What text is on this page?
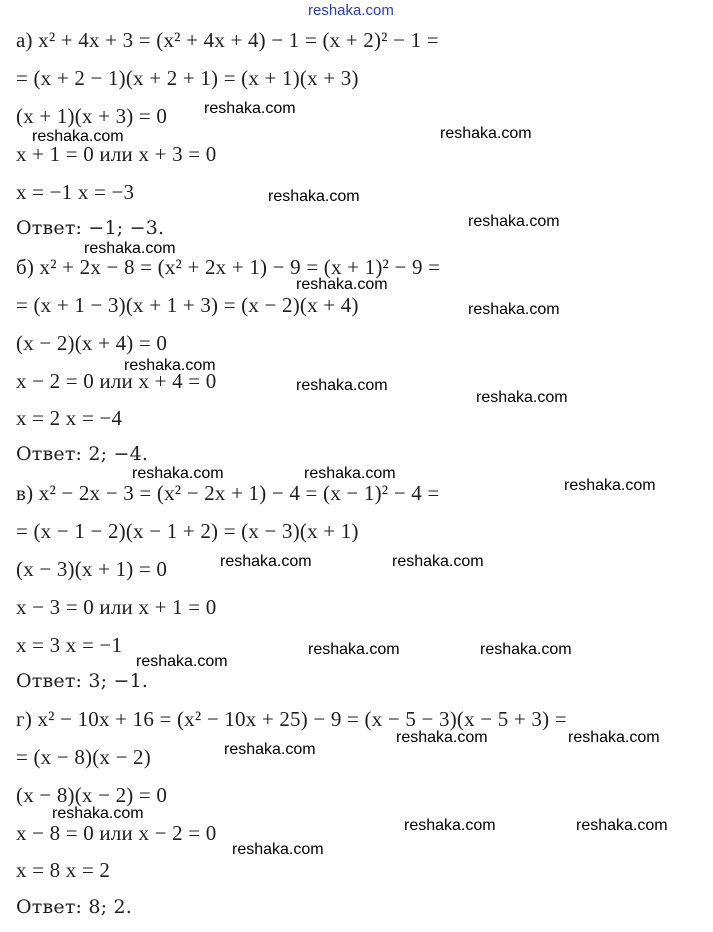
а) x² + 4x + 3 = (x² + 4x + 4) − 1 = (x + 2)² − 1 =
= (x + 2 − 1)(x + 2 + 1) = (x + 1)(x + 3)
(x + 1)(x + 3) = 0
x + 1 = 0 или x + 3 = 0
x = −1 x = −3
Ответ: −1; −3.
б) x² + 2x − 8 = (x² + 2x + 1) − 9 = (x + 1)² − 9 =
= (x + 1 − 3)(x + 1 + 3) = (x − 2)(x + 4)
(x − 2)(x + 4) = 0
x − 2 = 0 или x + 4 = 0
x = 2 x = −4
Ответ: 2; −4.
в) x² − 2x − 3 = (x² − 2x + 1) − 4 = (x − 1)² − 4 =
= (x − 1 − 2)(x − 1 + 2) = (x − 3)(x + 1)
(x − 3)(x + 1) = 0
x − 3 = 0 или x + 1 = 0
x = 3 x = −1
Ответ: 3; −1.
г) x² − 10x + 16 = (x² − 10x + 25) − 9 = (x − 5 − 3)(x − 5 + 3) =
= (x − 8)(x − 2)
(x − 8)(x − 2) = 0
x − 8 = 0 или x − 2 = 0
x = 8 x = 2
Ответ: 8; 2.
reshaka.com
reshaka.com
reshaka.com	reshaka.com
reshaka.com
reshaka.com
reshaka.com
reshaka.com
reshaka.com
reshaka.com
reshaka.com
reshaka.com
reshaka.com	reshaka.com
reshaka.com
reshaka.com	reshaka.com
reshaka.com	reshaka.com
reshaka.com
reshaka.com
reshaka.com	reshaka.com
reshaka.com
reshaka.com	reshaka.com
reshaka.com
